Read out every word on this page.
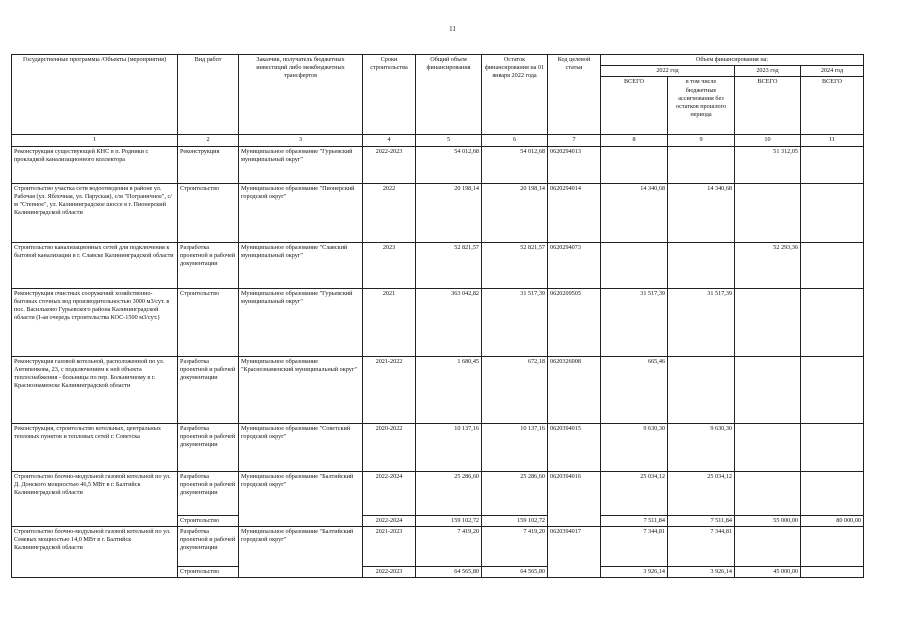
11
Государственные программы /Объекты (мероприятия)	Вид работ	Заказчик, получатель бюджетных инвестиций либо межбюджетных трансфертов	Сроки строительства	Общий объем финансирования	Остаток финансирования на 01 января 2022 года	Код целевой статьи	Объем финансирования на:			
							2022 год		2023 год	2024 год
							ВСЕГО	в том числе бюджетные ассигнования без остатков прошлого периода	ВСЕГО	ВСЕГО
1	2	3	4	5	6	7	8	9	10	11
Реконструкция существующей КНС в п. Родники с прокладкой канализационного коллектора	Реконструкция	Муниципальное образование "Гурьевский муниципальный округ"	2022-2023	54 012,68	54 012,68	0620294013			51 312,05	
Строительство участка сети водоотведения в районе ул. Рабочая (ул. Яблочная, ул. Паруская), с/м "Пограничное", с/м "Степное", ул. Калининградское шоссе в г. Пионерский Калининградской области	Строительство	Муниципальное образование "Пионерский городской округ"	2022	20 198,14	20 198,14	0620294014	14 340,68	14 340,68		
Строительство канализационных сетей для подключения к бытовой канализации в г. Славске Калининградской области	Разработка проектной и рабочей документации	Муниципальное образование "Славский муниципальный округ"	2023	52 821,57	52 821,57	0620294073			52 293,36	
Реконструкция очистных сооружений хозяйственно-бытовых сточных вод производительностью 3000 м3/сут. в пос. Васильково Гурьевского района Калининградской области (I-ая очередь строительства КОС-1500 м3/сут.)	Строительство	Муниципальное образование "Гурьевский муниципальный округ"	2021	363 042,82	31 517,39	0620209505	31 517,39	31 517,39		
Реконструкция газовой котельной, расположенной по ул. Антипенкова, 23, с подключением к ней объекта теплоснабжения - больницы по пер. Больничному в г. Краснознаменске Калининградской области	Разработка проектной и рабочей документации	Муниципальное образование "Краснознаменский муниципальный округ"	2021-2022	1 680,45	672,18	0620326008	665,46			
Реконструкция, строительство котельных, центральных тепловых пунктов и тепловых сетей г. Советска	Разработка проектной и рабочей документации	Муниципальное образование "Советский городской округ"	2020-2022	10 137,16	10 137,16	0620394015	9 630,30	9 630,30		
Строительство блочно-модульной газовой котельной по ул. Д. Донского мощностью 46,5 МВт в г. Балтийск Калининградской области	Разработка проектной и рабочей документации	Муниципальное образование "Балтийский городской округ"	2022-2024	25 286,60	25 286,60	0620394016	25 034,12	25 034,12		
	Строительство		2022-2024	159 102,72	159 102,72		7 511,84	7 511,84	55 000,00	80 000,00
Строительство блочно-модульной газовой котельной по ул. Сеяевых мощностью 14,0 МВт в г. Балтийск Калининградской области	Разработка проектной и рабочей документации	Муниципальное образование "Балтийский городской округ"	2021-2023	7 419,20	7 419,20	0620394017	7 344,81	7 344,81		
	Строительство		2022-2023	64 565,80	64 565,80		3 926,14	3 926,14	45 000,00	
